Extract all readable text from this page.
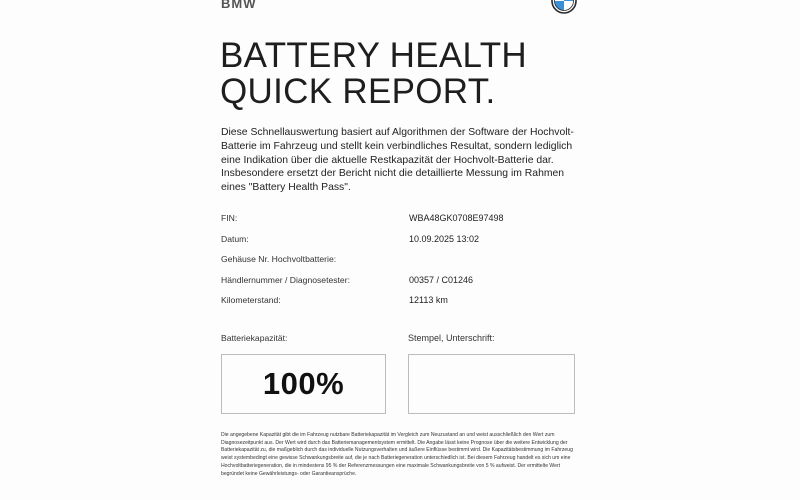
BMW
BATTERY HEALTH
QUICK REPORT.

Diese Schnellauswertung basiert auf Algorithmen der Software der Hochvolt-Batterie im Fahrzeug und stellt kein verbindliches Resultat, sondern lediglich eine Indikation über die aktuelle Restkapazität der Hochvolt-Batterie dar. Insbesondere ersetzt der Bericht nicht die detaillierte Messung im Rahmen eines "Battery Health Pass".

FIN:	WBA48GK0708E97498
Datum:	10.09.2025 13:02
Gehäuse Nr. Hochvoltbatterie:
Händlernummer / Diagnosetester:	00357 / C01246
Kilometerstand:	12113 km
Batteriekapazität:	Stempel, Unterschrift:
100%

Die angegebene Kapazität gibt die im Fahrzeug nutzbare Batteriekapazität im Vergleich zum Neuzustand an und weist ausschließlich den Wert zum Diagnosezeitpunkt aus. Der Wert wird durch das Batteriemanagementsystem ermittelt. Die Angabe lässt keine Prognose über die weitere Entwicklung der Batteriekapazität zu, die maßgeblich durch das individuelle Nutzungsverhalten und äußere Einflüsse bestimmt wird. Die Kapazitätsbestimmung im Fahrzeug weist systembedingt eine gewisse Schwankungsbreite auf, die je nach Batteriegeneration unterschiedlich ist. Bei diesem Fahrzeug handelt es sich um eine Hochvoltbatteriegeneration, die in mindestens 95 % der Referenzmessungen eine maximale Schwankungsbreite von 5 % aufweist. Der ermittelte Wert begründet keine Gewährleistungs- oder Garantieansprüche.
